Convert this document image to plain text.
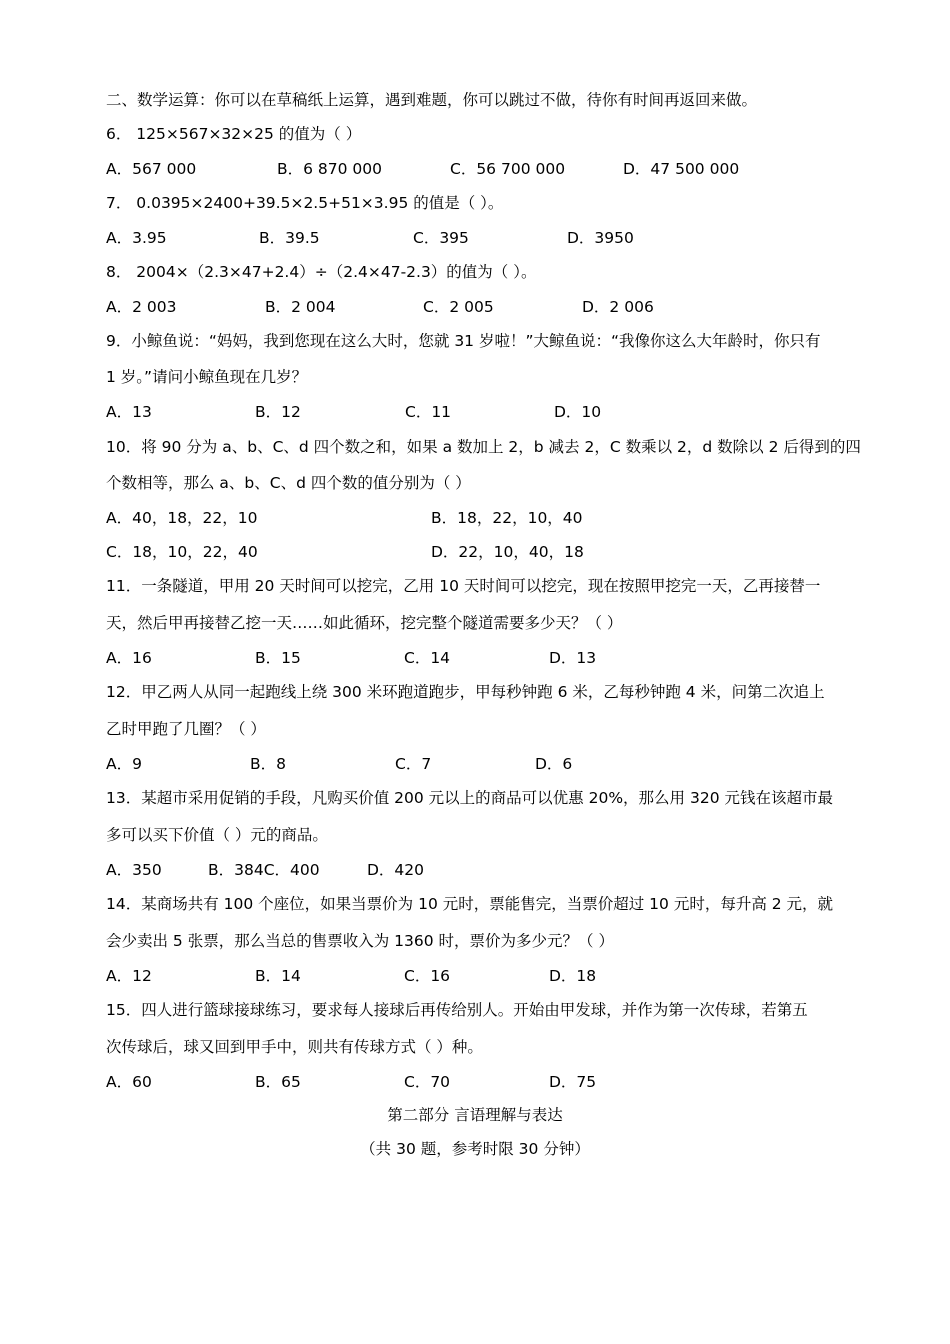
二、数学运算：你可以在草稿纸上运算，遇到难题，你可以跳过不做，待你有时间再返回来做。
6． 125×567×32×25 的值为（ ）
A．567 000	B．6 870 000	C．56 700 000	D．47 500 000
7． 0.0395×2400+39.5×2.5+51×3.95 的值是（ ）。
A．3.95	B．39.5	C．395	D．3950
8． 2004×（2.3×47+2.4）÷（2.4×47-2.3）的值为（ ）。
A．2 003	B．2 004	C．2 005	D．2 006
9．小鲸鱼说：“妈妈，我到您现在这么大时，您就 31 岁啦！”大鲸鱼说：“我像你这么大年龄时，你只有
1 岁。”请问小鲸鱼现在几岁？
A．13	B．12	C．11	D．10
10．将 90 分为 a、b、C、d 四个数之和，如果 a 数加上 2，b 减去 2，C 数乘以 2，d 数除以 2 后得到的四
个数相等，那么 a、b、C、d 四个数的值分别为（ ）
A．40，18，22，10	B．18，22，10，40
C．18，10，22，40	D．22，10，40，18
11．一条隧道，甲用 20 天时间可以挖完，乙用 10 天时间可以挖完，现在按照甲挖完一天，乙再接替一
天，然后甲再接替乙挖一天……如此循环，挖完整个隧道需要多少天？（ ）
A．16	B．15	C．14	D．13
12．甲乙两人从同一起跑线上绕 300 米环跑道跑步，甲每秒钟跑 6 米，乙每秒钟跑 4 米，问第二次追上
乙时甲跑了几圈？（ ）
A．9	B．8	C．7	D．6
13．某超市采用促销的手段，凡购买价值 200 元以上的商品可以优惠 20%，那么用 320 元钱在该超市最
多可以买下价值（ ）元的商品。
A．350	B．384C．400	D．420
14．某商场共有 100 个座位，如果当票价为 10 元时，票能售完，当票价超过 10 元时，每升高 2 元，就
会少卖出 5 张票，那么当总的售票收入为 1360 时，票价为多少元？（ ）
A．12	B．14	C．16	D．18
15．四人进行篮球接球练习，要求每人接球后再传给别人。开始由甲发球，并作为第一次传球，若第五
次传球后，球又回到甲手中，则共有传球方式（ ）种。
A．60	B．65	C．70	D．75
第二部分 言语理解与表达
（共 30 题，参考时限 30 分钟）
